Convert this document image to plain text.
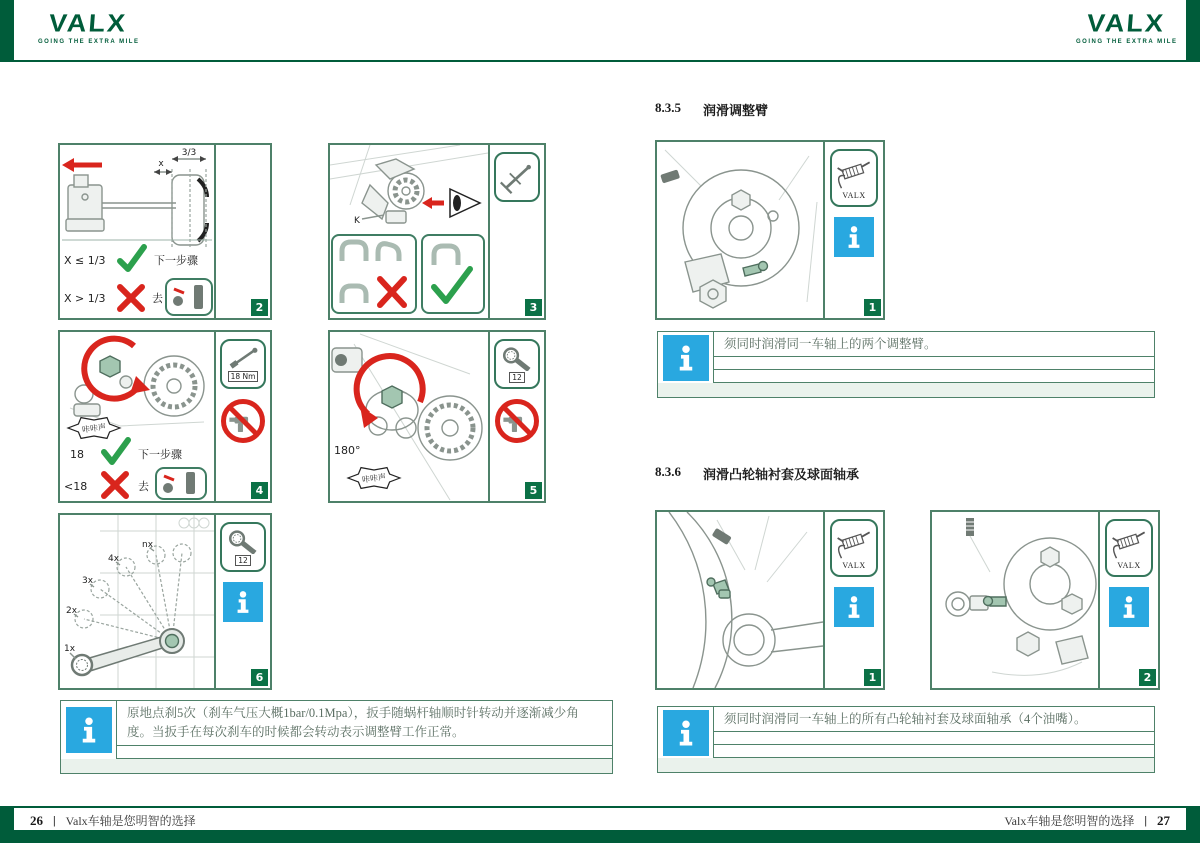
VALX
GOING THE EXTRA MILE
VALX
GOING THE EXTRA MILE
3/3
x
X ≤ 1/3	下一步骤
X > 1/3	去
2
K
3
咔咔声
18	下一步骤
<18	去
18 Nm
4
180°
咔咔声
12
5
1x
2x
3x
4x
nx
12
6
原地点刹5次（刹车气压大概1bar/0.1Mpa），扳手随蜗杆轴顺时针转动并逐渐减少角度。当扳手在每次刹车的时候都会转动表示调整臂工作正常。
8.3.5	润滑调整臂
VALX
1
须同时润滑同一车轴上的两个调整臂。
8.3.6	润滑凸轮轴衬套及球面轴承
VALX
1
VALX
2
须同时润滑同一车轴上的所有凸轮轴衬套及球面轴承（4个油嘴）。
26 | Valx车轴是您明智的选择	Valx车轴是您明智的选择 | 27
